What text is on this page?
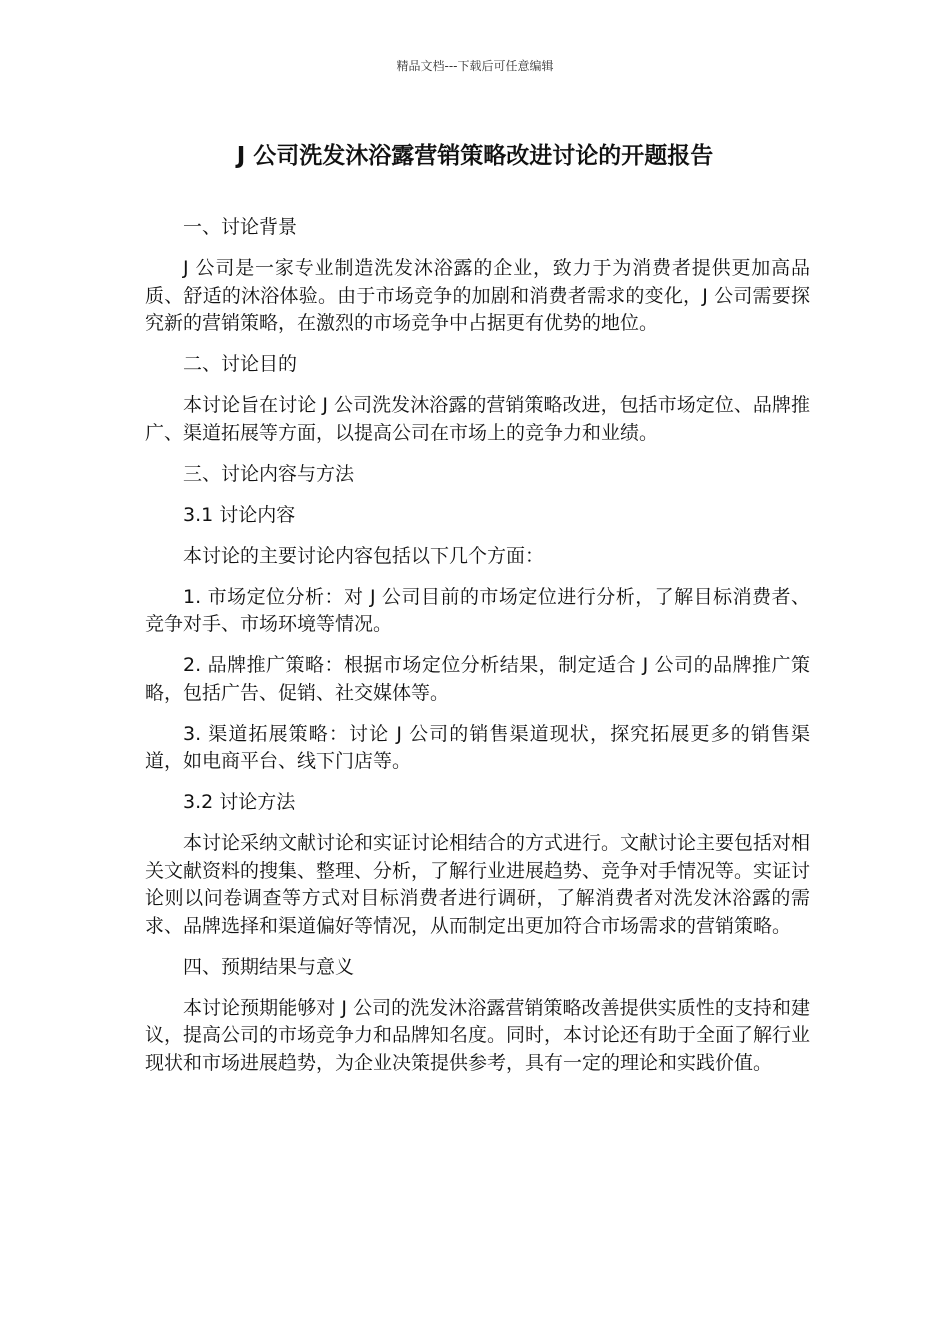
精品文档---下载后可任意编辑
J 公司洗发沐浴露营销策略改进讨论的开题报告

一、讨论背景

J 公司是一家专业制造洗发沐浴露的企业，致力于为消费者提供更加高品质、舒适的沐浴体验。由于市场竞争的加剧和消费者需求的变化，J 公司需要探究新的营销策略，在激烈的市场竞争中占据更有优势的地位。

二、讨论目的

本讨论旨在讨论 J 公司洗发沐浴露的营销策略改进，包括市场定位、品牌推广、渠道拓展等方面，以提高公司在市场上的竞争力和业绩。

三、讨论内容与方法

3.1 讨论内容

本讨论的主要讨论内容包括以下几个方面：

1. 市场定位分析：对 J 公司目前的市场定位进行分析，了解目标消费者、竞争对手、市场环境等情况。

2. 品牌推广策略：根据市场定位分析结果，制定适合 J 公司的品牌推广策略，包括广告、促销、社交媒体等。

3. 渠道拓展策略：讨论 J 公司的销售渠道现状，探究拓展更多的销售渠道，如电商平台、线下门店等。

3.2 讨论方法

本讨论采纳文献讨论和实证讨论相结合的方式进行。文献讨论主要包括对相关文献资料的搜集、整理、分析，了解行业进展趋势、竞争对手情况等。实证讨论则以问卷调查等方式对目标消费者进行调研，了解消费者对洗发沐浴露的需求、品牌选择和渠道偏好等情况，从而制定出更加符合市场需求的营销策略。

四、预期结果与意义

本讨论预期能够对 J 公司的洗发沐浴露营销策略改善提供实质性的支持和建议，提高公司的市场竞争力和品牌知名度。同时，本讨论还有助于全面了解行业现状和市场进展趋势，为企业决策提供参考，具有一定的理论和实践价值。
